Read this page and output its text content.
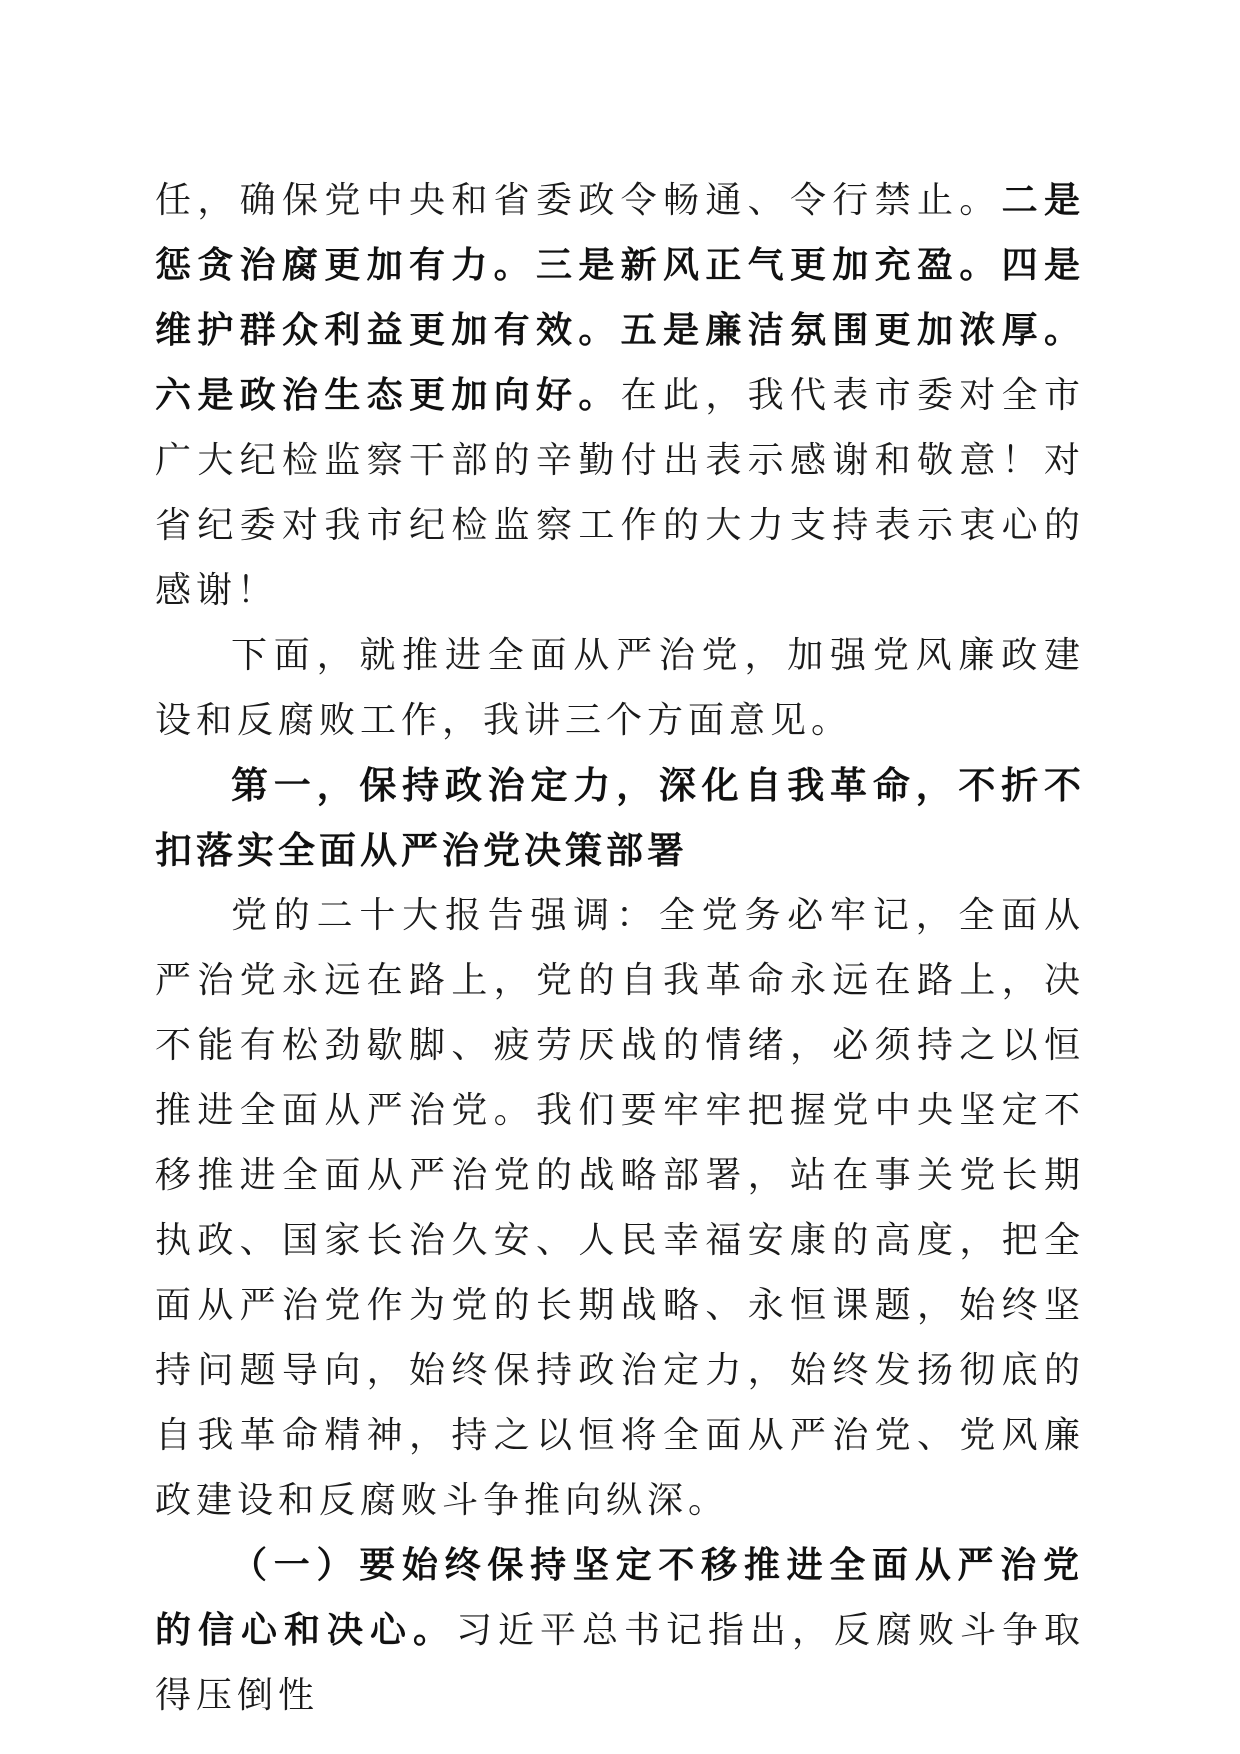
任，确保党中央和省委政令畅通、令行禁止。二是惩贪治腐更加有力。三是新风正气更加充盈。四是维护群众利益更加有效。五是廉洁氛围更加浓厚。六是政治生态更加向好。在此，我代表市委对全市广大纪检监察干部的辛勤付出表示感谢和敬意！对省纪委对我市纪检监察工作的大力支持表示衷心的感谢！

下面，就推进全面从严治党，加强党风廉政建设和反腐败工作，我讲三个方面意见。

第一，保持政治定力，深化自我革命，不折不扣落实全面从严治党决策部署

党的二十大报告强调：全党务必牢记，全面从严治党永远在路上，党的自我革命永远在路上，决不能有松劲歇脚、疲劳厌战的情绪，必须持之以恒推进全面从严治党。我们要牢牢把握党中央坚定不移推进全面从严治党的战略部署，站在事关党长期执政、国家长治久安、人民幸福安康的高度，把全面从严治党作为党的长期战略、永恒课题，始终坚持问题导向，始终保持政治定力，始终发扬彻底的自我革命精神，持之以恒将全面从严治党、党风廉政建设和反腐败斗争推向纵深。

（一）要始终保持坚定不移推进全面从严治党的信心和决心。习近平总书记指出，反腐败斗争取得压倒性
